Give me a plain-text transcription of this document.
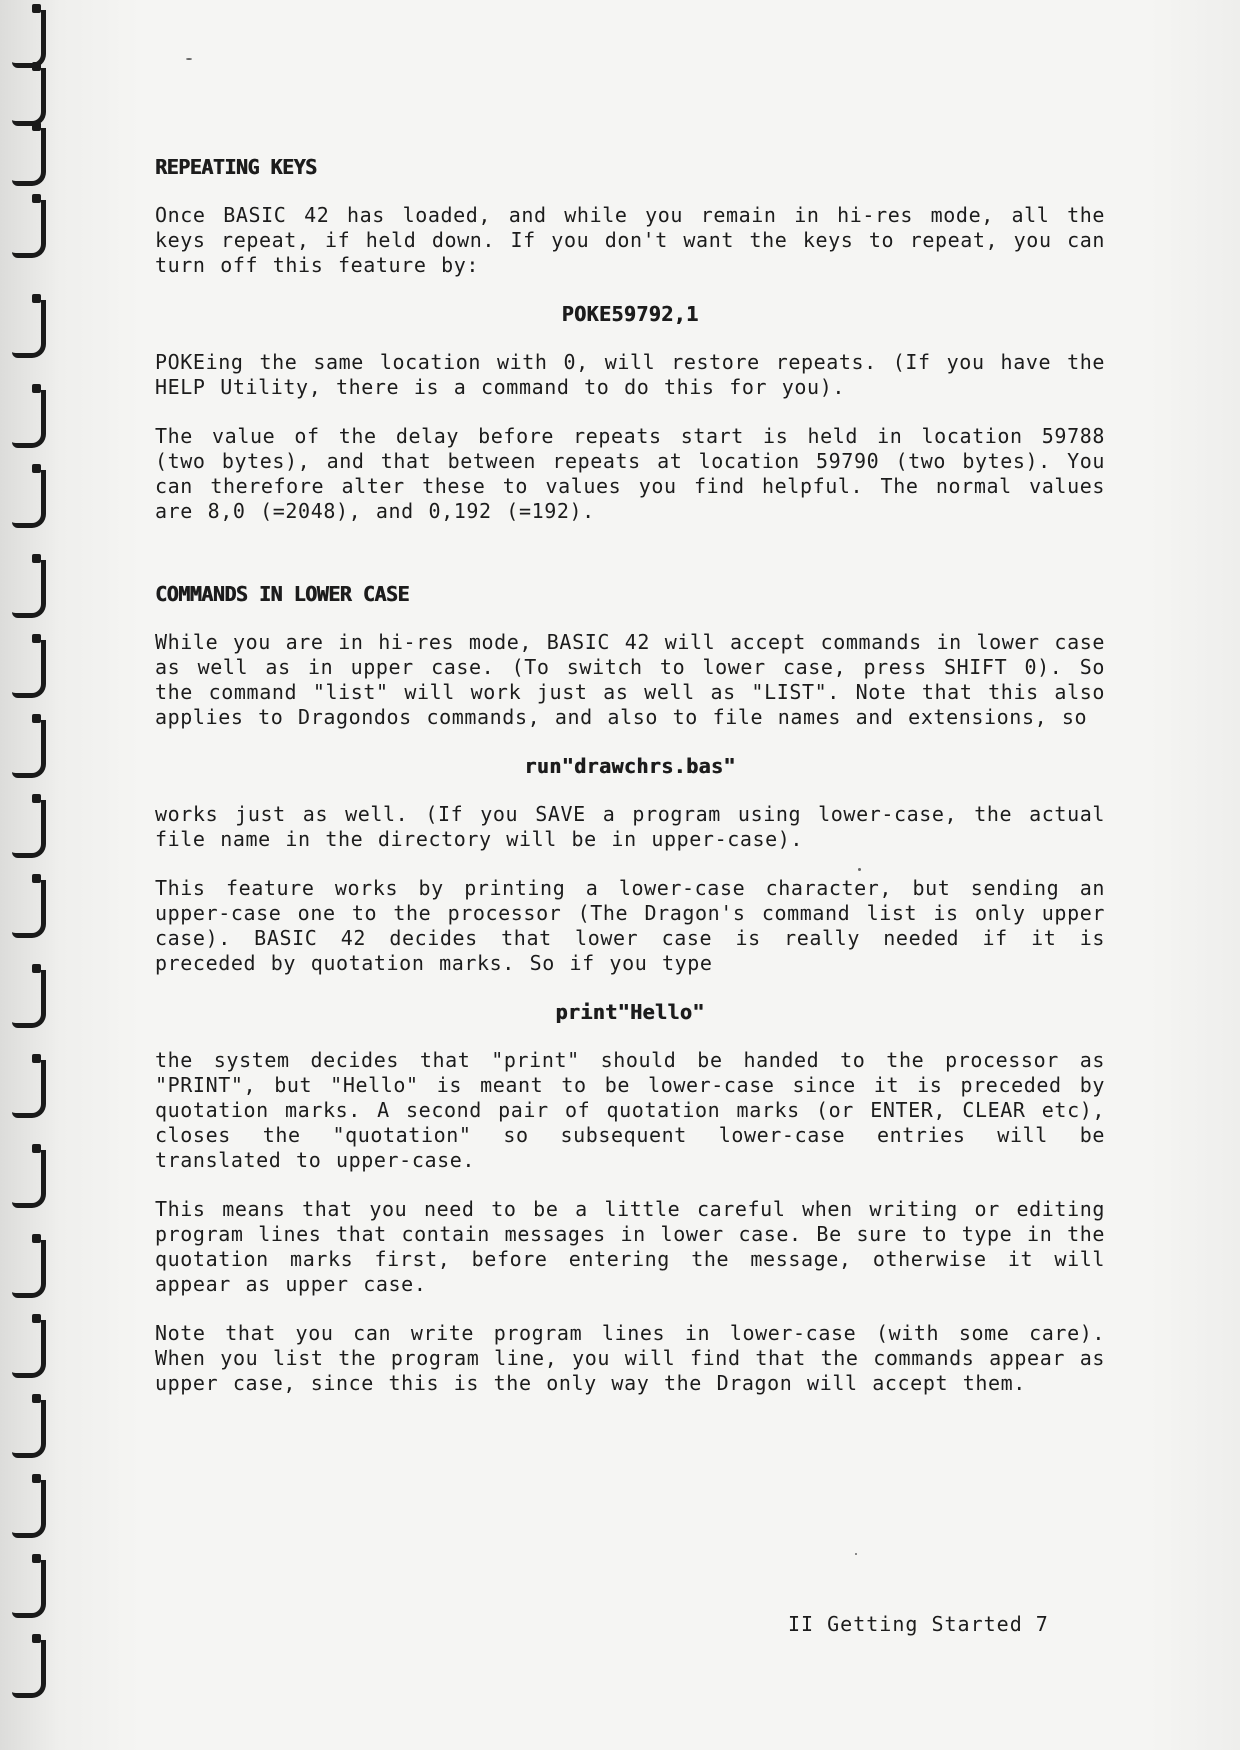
REPEATING KEYS
Once BASIC 42 has loaded, and while you remain in hi-res mode, all the keys repeat, if held down. If you don't want the keys to repeat, you can turn off this feature by:
POKE59792,1
POKEing the same location with 0, will restore repeats. (If you have the HELP Utility, there is a command to do this for you).
The value of the delay before repeats start is held in location 59788 (two bytes), and that between repeats at location 59790 (two bytes). You can therefore alter these to values you find helpful. The normal values are 8,0 (=2048), and 0,192 (=192).
COMMANDS IN LOWER CASE
While you are in hi-res mode, BASIC 42 will accept commands in lower case as well as in upper case. (To switch to lower case, press SHIFT 0). So the command "list" will work just as well as "LIST". Note that this also applies to Dragondos commands, and also to file names and extensions, so
run"drawchrs.bas"
works just as well. (If you SAVE a program using lower-case, the actual file name in the directory will be in upper-case).
This feature works by printing a lower-case character, but sending an upper-case one to the processor (The Dragon's command list is only upper case). BASIC 42 decides that lower case is really needed if it is preceded by quotation marks. So if you type
print"Hello"
the system decides that "print" should be handed to the processor as "PRINT", but "Hello" is meant to be lower-case since it is preceded by quotation marks. A second pair of quotation marks (or ENTER, CLEAR etc), closes the "quotation" so subsequent lower-case entries will be translated to upper-case.
This means that you need to be a little careful when writing or editing program lines that contain messages in lower case. Be sure to type in the quotation marks first, before entering the message, otherwise it will appear as upper case.
Note that you can write program lines in lower-case (with some care). When you list the program line, you will find that the commands appear as upper case, since this is the only way the Dragon will accept them.
II Getting Started 7
